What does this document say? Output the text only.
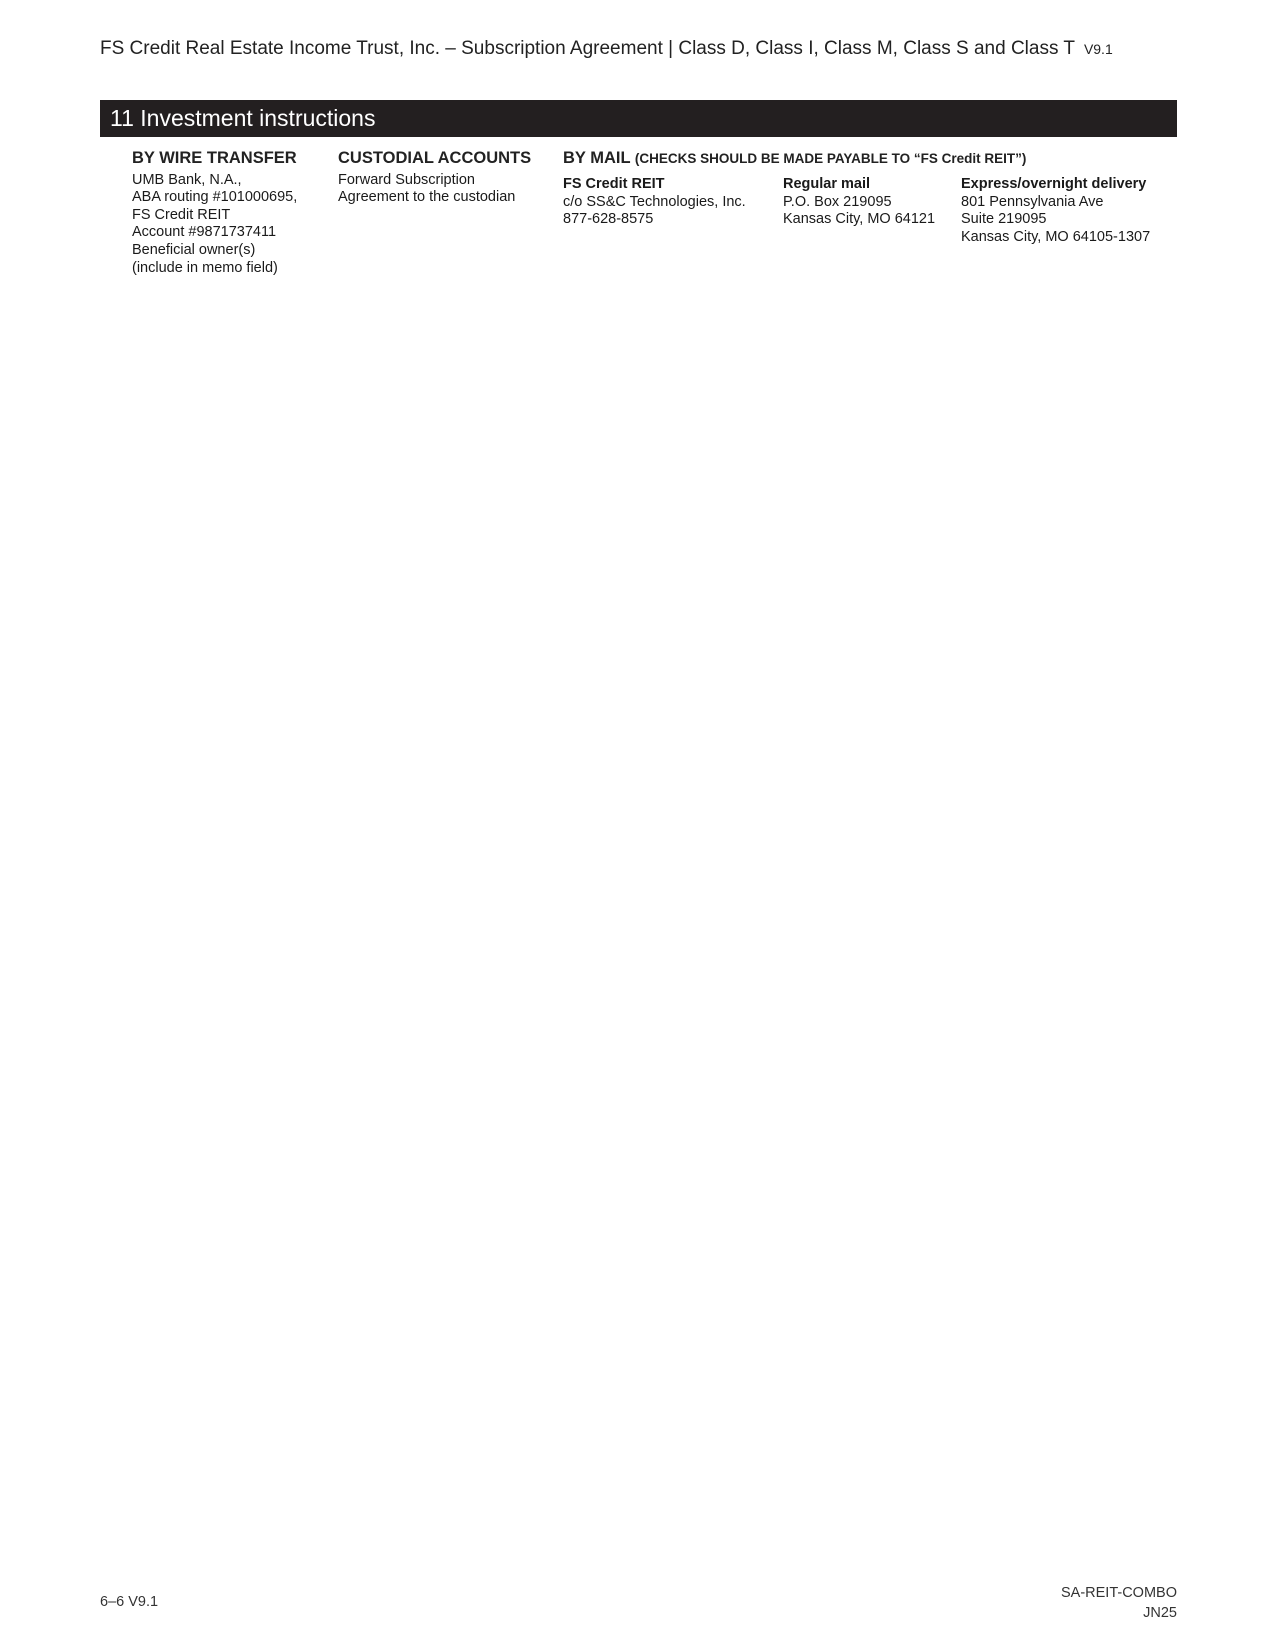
FS Credit Real Estate Income Trust, Inc. – Subscription Agreement | Class D, Class I, Class M, Class S and Class T V9.1
11 Investment instructions
BY WIRE TRANSFER
UMB Bank, N.A.,
ABA routing #101000695,
FS Credit REIT
Account #9871737411
Beneficial owner(s)
(include in memo field)
CUSTODIAL ACCOUNTS
Forward Subscription
Agreement to the custodian
BY MAIL (CHECKS SHOULD BE MADE PAYABLE TO “FS Credit REIT”)
FS Credit REIT
c/o SS&C Technologies, Inc.
877-628-8575
Regular mail
P.O. Box 219095
Kansas City, MO 64121
Express/overnight delivery
801 Pennsylvania Ave
Suite 219095
Kansas City, MO 64105-1307
6–6 V9.1
SA-REIT-COMBO
JN25
